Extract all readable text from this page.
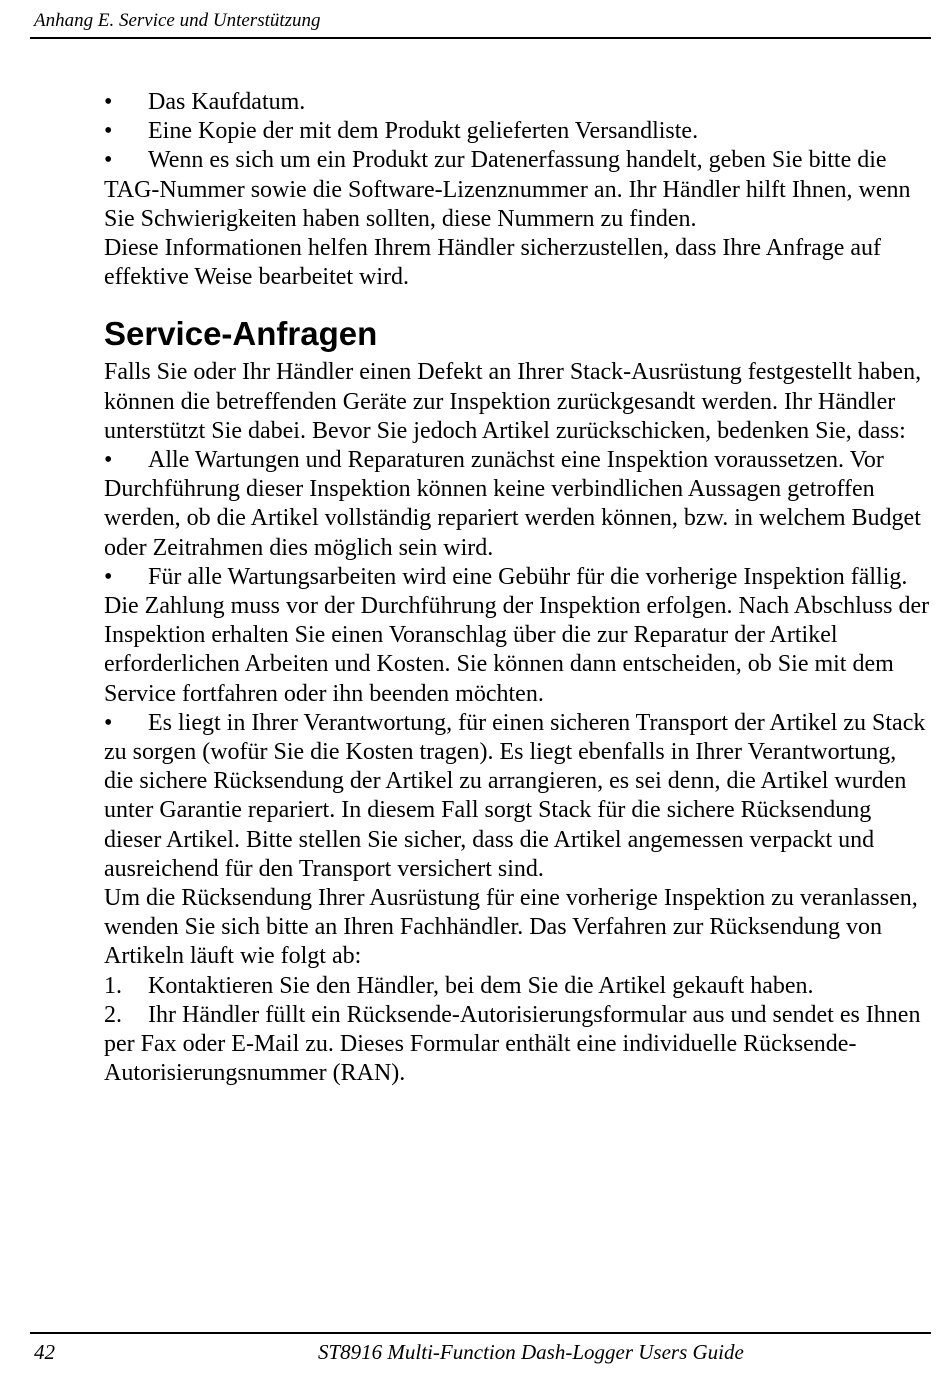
Anhang E. Service und Unterstützung

• Das Kaufdatum.

• Eine Kopie der mit dem Produkt gelieferten Versandliste.

• Wenn es sich um ein Produkt zur Datenerfassung handelt, geben Sie bitte die TAG-Nummer sowie die Software-Lizenznummer an. Ihr Händler hilft Ihnen, wenn Sie Schwierigkeiten haben sollten, diese Nummern zu finden.

Diese Informationen helfen Ihrem Händler sicherzustellen, dass Ihre Anfrage auf effektive Weise bearbeitet wird.

Service-Anfragen

Falls Sie oder Ihr Händler einen Defekt an Ihrer Stack-Ausrüstung festgestellt haben, können die betreffenden Geräte zur Inspektion zurückgesandt werden. Ihr Händler unterstützt Sie dabei. Bevor Sie jedoch Artikel zurückschicken, bedenken Sie, dass:

• Alle Wartungen und Reparaturen zunächst eine Inspektion voraussetzen. Vor Durchführung dieser Inspektion können keine verbindlichen Aussagen getroffen werden, ob die Artikel vollständig repariert werden können, bzw. in welchem Budget oder Zeitrahmen dies möglich sein wird.

• Für alle Wartungsarbeiten wird eine Gebühr für die vorherige Inspektion fällig. Die Zahlung muss vor der Durchführung der Inspektion erfolgen. Nach Abschluss der Inspektion erhalten Sie einen Voranschlag über die zur Reparatur der Artikel erforderlichen Arbeiten und Kosten. Sie können dann entscheiden, ob Sie mit dem Service fortfahren oder ihn beenden möchten.

• Es liegt in Ihrer Verantwortung, für einen sicheren Transport der Artikel zu Stack zu sorgen (wofür Sie die Kosten tragen). Es liegt ebenfalls in Ihrer Verantwortung, die sichere Rücksendung der Artikel zu arrangieren, es sei denn, die Artikel wurden unter Garantie repariert. In diesem Fall sorgt Stack für die sichere Rücksendung dieser Artikel. Bitte stellen Sie sicher, dass die Artikel angemessen verpackt und ausreichend für den Transport versichert sind.

Um die Rücksendung Ihrer Ausrüstung für eine vorherige Inspektion zu veranlassen, wenden Sie sich bitte an Ihren Fachhändler. Das Verfahren zur Rücksendung von Artikeln läuft wie folgt ab:

1. Kontaktieren Sie den Händler, bei dem Sie die Artikel gekauft haben.

2. Ihr Händler füllt ein Rücksende-Autorisierungsformular aus und sendet es Ihnen per Fax oder E-Mail zu. Dieses Formular enthält eine individuelle Rücksende-Autorisierungsnummer (RAN).

42	ST8916 Multi-Function Dash-Logger Users Guide
